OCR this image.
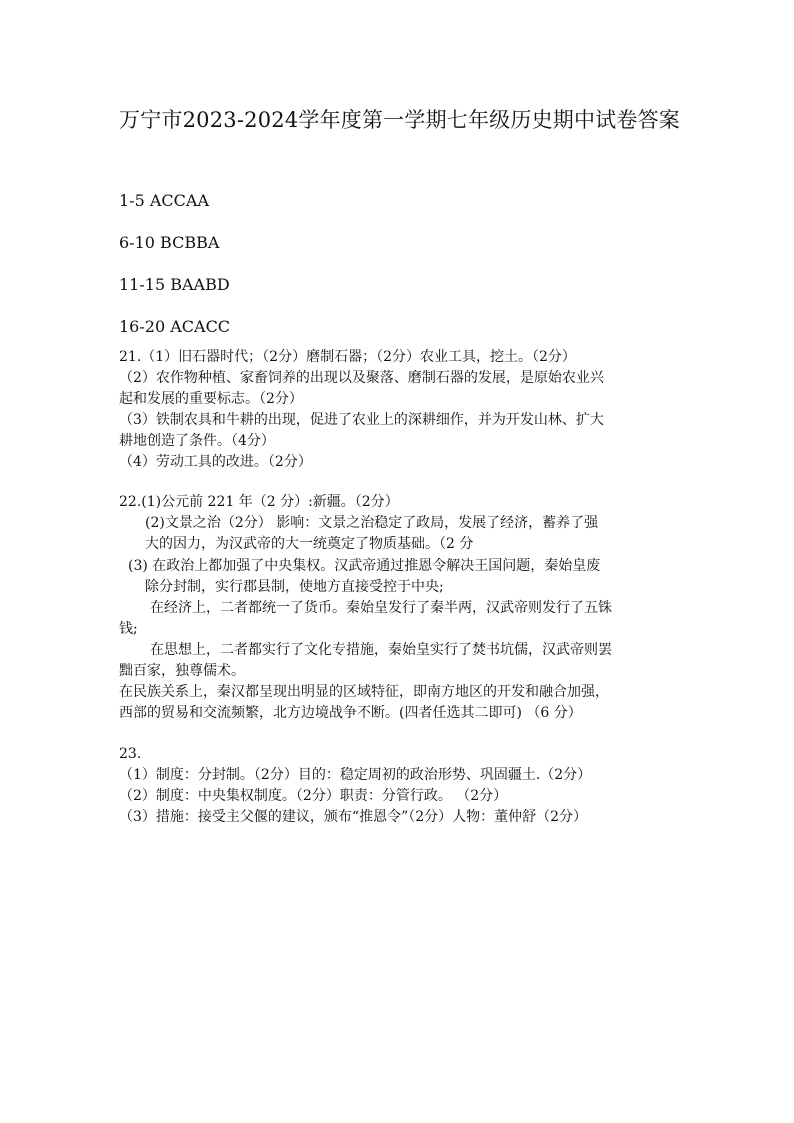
万宁市2023-2024学年度第一学期七年级历史期中试卷答案
1-5 ACCAA
6-10 BCBBA
11-15 BAABD
16-20 ACACC
21.（1）旧石器时代；（2分）磨制石器；（2分）农业工具，挖土。（2分）
（2）农作物种植、家畜饲养的出现以及聚落、磨制石器的发展，是原始农业兴
起和发展的重要标志。（2分）
（3）铁制农具和牛耕的出现，促进了农业上的深耕细作，并为开发山林、扩大
耕地创造了条件。（4分）
（4）劳动工具的改进。（2分）
22.(1)公元前 221 年（2 分）:新疆。（2分）
(2)文景之治（2分） 影响：文景之治稳定了政局，发展了经济，蓄养了强
大的因力，为汉武帝的大一统奠定了物质基础。（2 分
(3) 在政治上都加强了中央集权。汉武帝通过推恩令解决王国问题，秦始皇废
除分封制，实行郡县制，使地方直接受控于中央;
在经济上，二者都统一了货币。秦始皇发行了秦半两，汉武帝则发行了五铢
钱;
在思想上，二者都实行了文化专措施，秦始皇实行了焚书坑儒，汉武帝则罢
黜百家，独尊儒术。
在民族关系上，秦汉都呈现出明显的区域特征，即南方地区的开发和融合加强，
西部的贸易和交流频繁，北方边境战争不断。(四者任选其二即可) （6 分）
23.
（1）制度：分封制。（2分）目的：稳定周初的政治形势、巩固疆土.（2分）
（2）制度：中央集权制度。（2分）职责：分管行政。 （2分）
（3）措施：接受主父偃的建议，颁布“推恩令”（2分）人物：董仲舒（2分）
